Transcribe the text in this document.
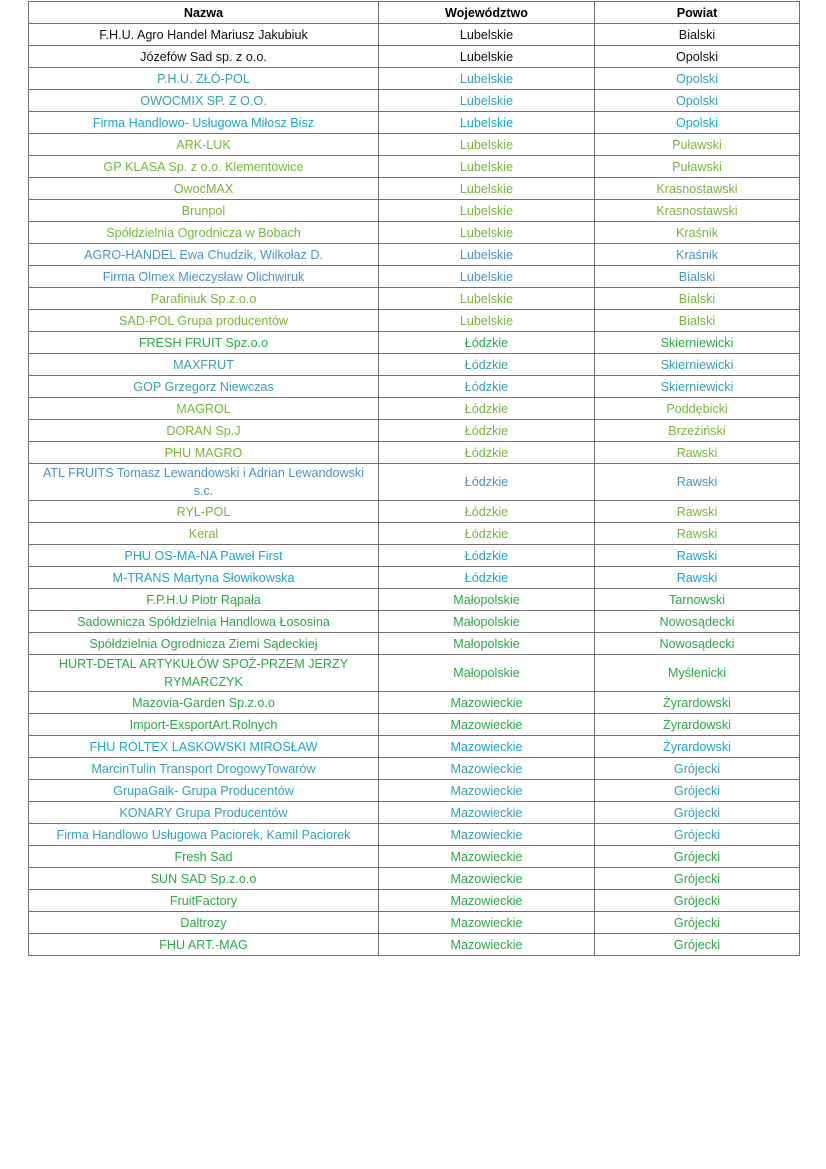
Nazwa	Województwo	Powiat
F.H.U. Agro Handel Mariusz Jakubiuk	Lubelskie	Bialski
Józefów Sad sp. z o.o.	Lubelskie	Opolski
P.H.U. ZŁÓ-POL	Lubelskie	Opolski
OWOCMIX SP. Z O.O.	Lubelskie	Opolski
Firma Handlowo- Usługowa Miłosz Bisz	Lubelskie	Opolski
ARK-LUK	Lubelskie	Puławski
GP KLASA Sp. z o.o. Klementowice	Lubelskie	Puławski
OwocMAX	Lubelskie	Krasnostawski
Brunpol	Lubelskie	Krasnostawski
Spółdzielnia Ogrodnicza w Bobach	Lubelskie	Kraśnik
AGRO-HANDEL Ewa Chudzik, Wilkołaz D.	Lubelskie	Kraśnik
Firma Olmex Mieczysław Olichwiruk	Lubelskie	Bialski
Parafiniuk Sp.z.o.o	Lubelskie	Bialski
SAD-POL Grupa producentów	Lubelskie	Bialski
FRESH FRUIT Spz.o.o	Łódzkie	Skierniewicki
MAXFRUT	Łódzkie	Skierniewicki
GOP Grzegorz Niewczas	Łódzkie	Skierniewicki
MAGROL	Łódzkie	Poddębicki
DORAN Sp.J	Łódzkie	Brzeźiński
PHU MAGRO	Łódzkie	Rawski
ATL FRUITS Tomasz Lewandowski i Adrian Lewandowski s.c.	Łódzkie	Rawski
RYL-POL	Łódzkie	Rawski
Keral	Łódzkie	Rawski
PHU OS-MA-NA Paweł First	Łódzkie	Rawski
M-TRANS Martyna Słowikowska	Łódzkie	Rawski
F.P.H.U Piotr Rąpała	Małopolskie	Tarnowski
Sadownicza Spółdzielnia Handlowa Łososina	Małopolskie	Nowosądecki
Spółdzielnia Ogrodnicza Ziemi Sądeckiej	Małopolskie	Nowosądecki
HURT-DETAL ARTYKUŁÓW SPOŻ-PRZEM JERZY RYMARCZYK	Małopolskie	Myślenicki
Mazovia-Garden Sp.z.o.o	Mazowieckie	Żyrardowski
Import-ExsportArt.Rolnych	Mazowieckie	Żyrardowski
FHU ROLTEX LASKOWSKI MIROSŁAW	Mazowieckie	Żyrardowski
MarcinTulin Transport DrogowyTowarów	Mazowieckie	Grójecki
GrupaGaik- Grupa Producentów	Mazowieckie	Grójecki
KONARY Grupa Producentów	Mazowieckie	Grójecki
Firma Handlowo Usługowa Paciorek, Kamil Paciorek	Mazowieckie	Grójecki
Fresh Sad	Mazowieckie	Grójecki
SUN SAD Sp.z.o.o	Mazowieckie	Grójecki
FruitFactory	Mazowieckie	Grójecki
Daltrozy	Mazowieckie	Grójecki
FHU ART.-MAG	Mazowieckie	Grójecki
